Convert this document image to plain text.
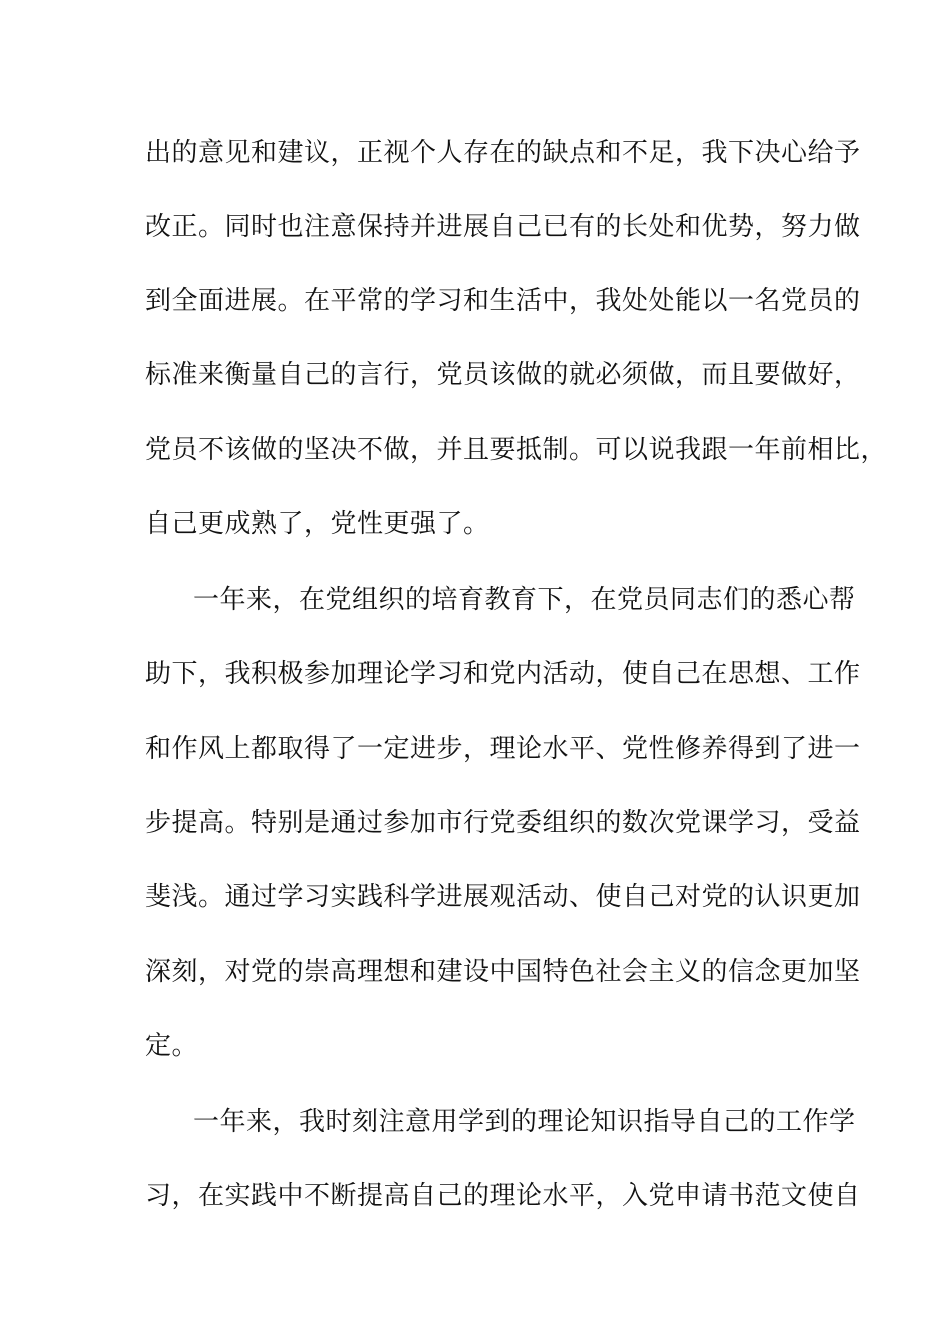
出的意见和建议，正视个人存在的缺点和不足，我下决心给予
改正。同时也注意保持并进展自己已有的长处和优势，努力做
到全面进展。在平常的学习和生活中，我处处能以一名党员的
标准来衡量自己的言行，党员该做的就必须做，而且要做好，
党员不该做的坚决不做，并且要抵制。可以说我跟一年前相比，
自己更成熟了，党性更强了。
一年来，在党组织的培育教育下，在党员同志们的悉心帮
助下，我积极参加理论学习和党内活动，使自己在思想、工作
和作风上都取得了一定进步，理论水平、党性修养得到了进一
步提高。特别是通过参加市行党委组织的数次党课学习，受益
斐浅。通过学习实践科学进展观活动、使自己对党的认识更加
深刻，对党的崇高理想和建设中国特色社会主义的信念更加坚
定。
一年来，我时刻注意用学到的理论知识指导自己的工作学
习，在实践中不断提高自己的理论水平，入党申请书范文使自
